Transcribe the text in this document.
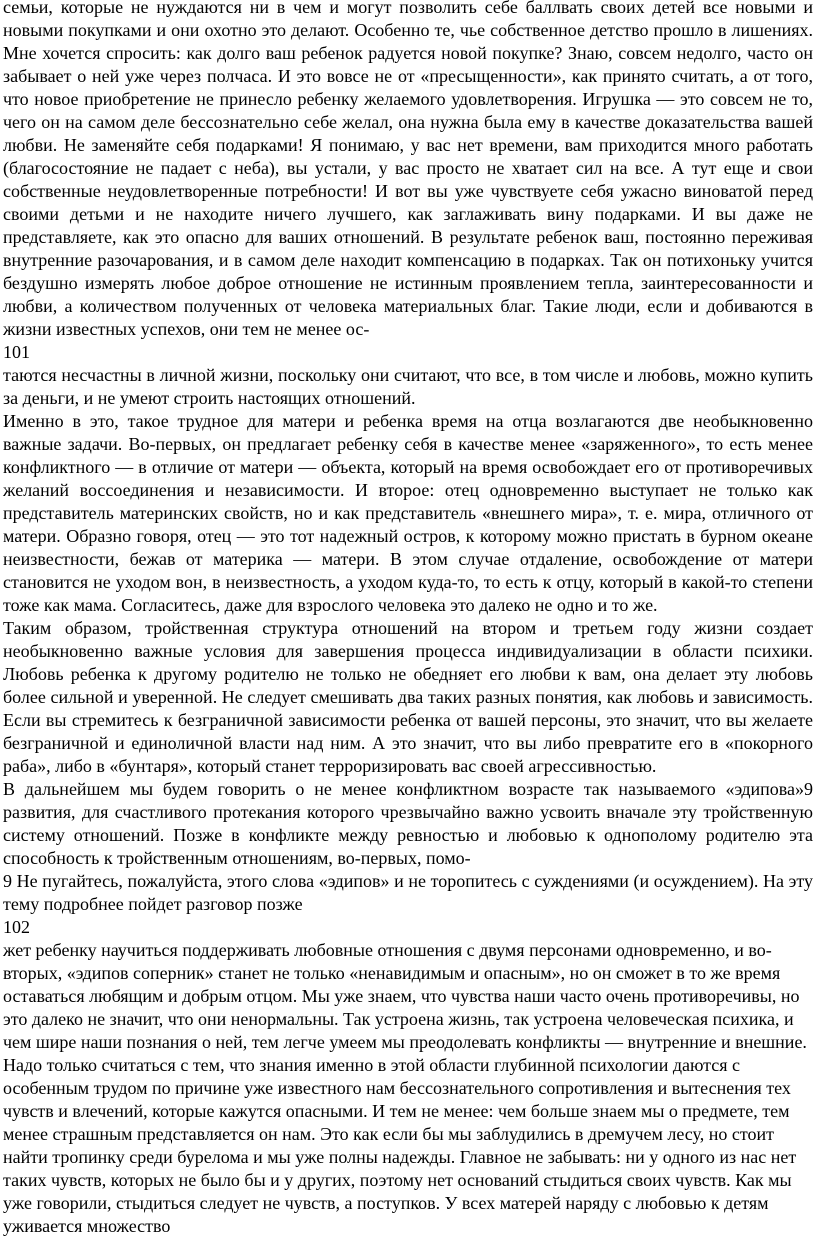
семьи, которые не нуждаются ни в чем и могут позволить себе баллвать своих детей все новыми и новыми покупками и они охотно это делают. Особенно те, чье собственное детство прошло в лишениях. Мне хочется спросить: как долго ваш ребенок радуется новой покупке? Знаю, совсем недолго, часто он забывает о ней уже через полчаса. И это вовсе не от «пресыщенности», как принято считать, а от того, что новое приобретение не принесло ребенку желаемого удовлетворения. Игрушка — это совсем не то, чего он на самом деле бессознательно себе желал, она нужна была ему в качестве доказательства вашей любви. Не заменяйте себя подарками! Я понимаю, у вас нет времени, вам приходится много работать (благосостояние не падает с неба), вы устали, у вас просто не хватает сил на все. А тут еще и свои собственные неудовлетворенные потребности! И вот вы уже чувствуете себя ужасно виноватой перед своими детьми и не находите ничего лучшего, как заглаживать вину подарками. И вы даже не представляете, как это опасно для ваших отношений. В результате ребенок ваш, постоянно переживая внутренние разочарования, и в самом деле находит компенсацию в подарках. Так он потихоньку учится бездушно измерять любое доброе отношение не истинным проявлением тепла, заинтересованности и любви, а количеством полученных от человека материальных благ. Такие люди, если и добиваются в жизни известных успехов, они тем не менее ос-

101

таются несчастны в личной жизни, поскольку они считают, что все, в том числе и любовь, можно купить за деньги, и не умеют строить настоящих отношений.

Именно в это, такое трудное для матери и ребенка время на отца возлагаются две необыкновенно важные задачи. Во-первых, он предлагает ребенку себя в качестве менее «заряженного», то есть менее конфликтного — в отличие от матери — объекта, который на время освобождает его от противоречивых желаний воссоединения и независимости. И второе: отец одновременно выступает не только как представитель материнских свойств, но и как представитель «внешнего мира», т. е. мира, отличного от матери. Образно говоря, отец — это тот надежный остров, к которому можно пристать в бурном океане неизвестности, бежав от материка — матери. В этом случае отдаление, освобождение от матери становится не уходом вон, в неизвестность, а уходом куда-то, то есть к отцу, который в какой-то степени тоже как мама. Согласитесь, даже для взрослого человека это далеко не одно и то же.

Таким образом, тройственная структура отношений на втором и третьем году жизни создает необыкновенно важные условия для завершения процесса индивидуализации в области психики. Любовь ребенка к другому родителю не только не обедняет его любви к вам, она делает эту любовь более сильной и уверенной. Не следует смешивать два таких разных понятия, как любовь и зависимость. Если вы стремитесь к безграничной зависимости ребенка от вашей персоны, это значит, что вы желаете безграничной и единоличной власти над ним. А это значит, что вы либо превратите его в «покорного раба», либо в «бунтаря», который станет терроризировать вас своей агрессивностью.

В дальнейшем мы будем говорить о не менее конфликтном возрасте так называемого «эдипова»9 развития, для счастливого протекания которого чрезвычайно важно усвоить вначале эту тройственную систему отношений. Позже в конфликте между ревностью и любовью к однополому родителю эта способность к тройственным отношениям, во-первых, помо-

9 Не пугайтесь, пожалуйста, этого слова «эдипов» и не торопитесь с суждениями (и осуждением). На эту тему подробнее пойдет разговор позже

102

жет ребенку научиться поддерживать любовные отношения с двумя персонами одновременно, и во-вторых, «эдипов соперник» станет не только «ненавидимым и опасным», но он сможет в то же время оставаться любящим и добрым отцом. Мы уже знаем, что чувства наши часто очень противоречивы, но это далеко не значит, что они ненормальны. Так устроена жизнь, так устроена человеческая психика, и чем шире наши познания о ней, тем легче умеем мы преодолевать конфликты — внутренние и внешние. Надо только считаться с тем, что знания именно в этой области глубинной психологии даются с особенным трудом по причине уже известного нам бессознательного сопротивления и вытеснения тех чувств и влечений, которые кажутся опасными. И тем не менее: чем больше знаем мы о предмете, тем менее страшным представляется он нам. Это как если бы мы заблудились в дремучем лесу, но стоит найти тропинку среди бурелома и мы уже полны надежды. Главное не забывать: ни у одного из нас нет таких чувств, которых не было бы и у других, поэтому нет оснований стыдиться своих чувств. Как мы уже говорили, стыдиться следует не чувств, а поступков. У всех матерей наряду с любовью к детям уживается множество
